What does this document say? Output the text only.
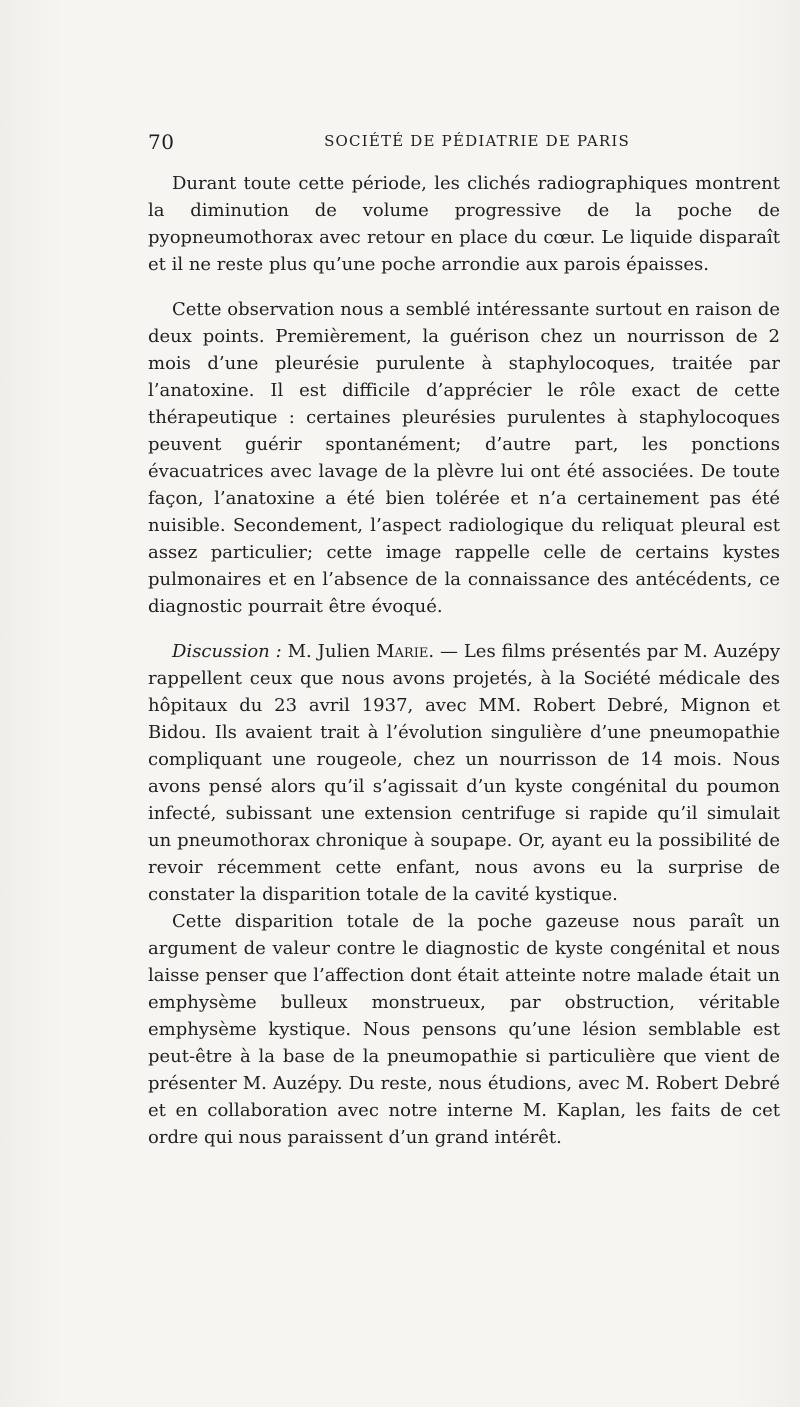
70	SOCIÉTÉ DE PÉDIATRIE DE PARIS

Durant toute cette période, les clichés radiographiques montrent la diminution de volume progressive de la poche de pyopneumothorax avec retour en place du cœur. Le liquide disparaît et il ne reste plus qu’une poche arrondie aux parois épaisses.

Cette observation nous a semblé intéressante surtout en raison de deux points. Premièrement, la guérison chez un nourrisson de 2 mois d’une pleurésie purulente à staphylocoques, traitée par l’anatoxine. Il est difficile d’apprécier le rôle exact de cette thérapeutique : certaines pleurésies purulentes à staphylocoques peuvent guérir spontanément; d’autre part, les ponctions évacuatrices avec lavage de la plèvre lui ont été associées. De toute façon, l’anatoxine a été bien tolérée et n’a certainement pas été nuisible. Secondement, l’aspect radiologique du reliquat pleural est assez particulier; cette image rappelle celle de certains kystes pulmonaires et en l’absence de la connaissance des antécédents, ce diagnostic pourrait être évoqué.

Discussion : M. Julien Marie. — Les films présentés par M. Auzépy rappellent ceux que nous avons projetés, à la Société médicale des hôpitaux du 23 avril 1937, avec MM. Robert Debré, Mignon et Bidou. Ils avaient trait à l’évolution singulière d’une pneumopathie compliquant une rougeole, chez un nourrisson de 14 mois. Nous avons pensé alors qu’il s’agissait d’un kyste congénital du poumon infecté, subissant une extension centrifuge si rapide qu’il simulait un pneumothorax chronique à soupape. Or, ayant eu la possibilité de revoir récemment cette enfant, nous avons eu la surprise de constater la disparition totale de la cavité kystique.

Cette disparition totale de la poche gazeuse nous paraît un argument de valeur contre le diagnostic de kyste congénital et nous laisse penser que l’affection dont était atteinte notre malade était un emphysème bulleux monstrueux, par obstruction, véritable emphysème kystique. Nous pensons qu’une lésion semblable est peut-être à la base de la pneumopathie si particulière que vient de présenter M. Auzépy. Du reste, nous étudions, avec M. Robert Debré et en collaboration avec notre interne M. Kaplan, les faits de cet ordre qui nous paraissent d’un grand intérêt.
